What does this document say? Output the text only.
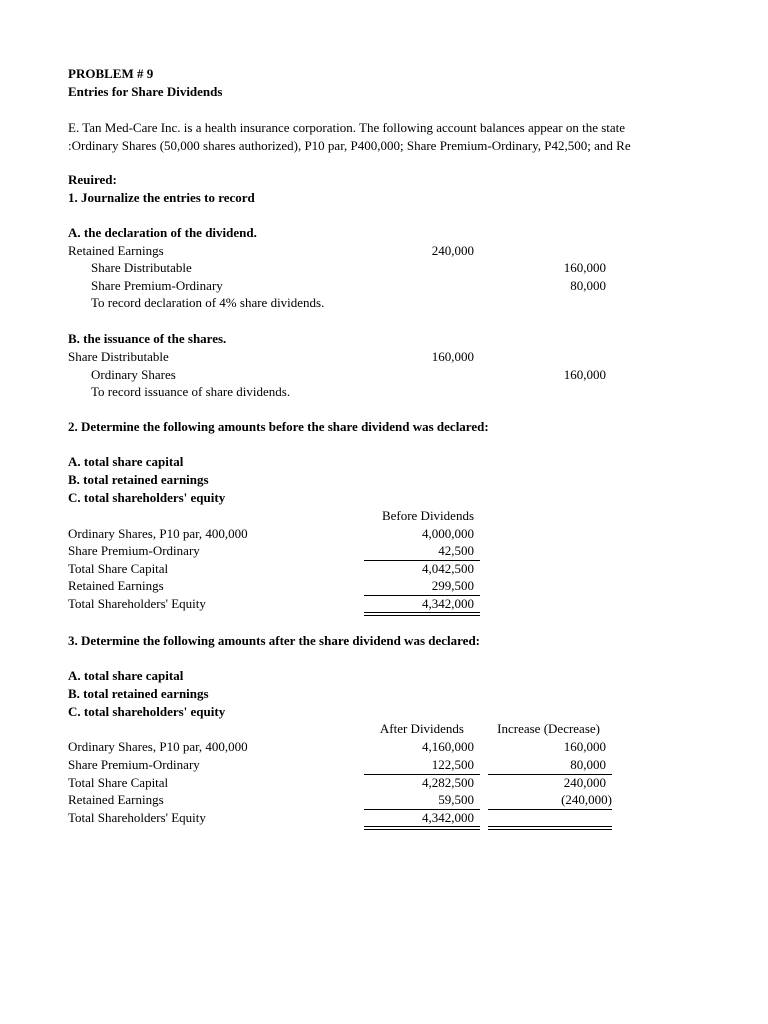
PROBLEM # 9
Entries for Share Dividends
E. Tan Med-Care Inc. is a health insurance corporation. The following account balances appear on the state
:Ordinary Shares (50,000 shares authorized), P10 par, P400,000; Share Premium-Ordinary, P42,500; and Re
Reuired:
1. Journalize the entries to record
A. the declaration of the dividend.
Retained Earnings	240,000
Share Distributable	160,000
Share Premium-Ordinary	80,000
To record declaration of 4% share dividends.
B. the issuance of the shares.
Share Distributable	160,000
Ordinary Shares	160,000
To record issuance of share dividends.
2. Determine the following amounts before the share dividend was declared:
A. total share capital
B. total retained earnings
C. total shareholders' equity
Before Dividends
Ordinary Shares, P10 par, 400,000	4,000,000
Share Premium-Ordinary	42,500
Total Share Capital	4,042,500
Retained Earnings	299,500
Total Shareholders' Equity	4,342,000
3. Determine the following amounts after the share dividend was declared:
A. total share capital
B. total retained earnings
C. total shareholders' equity
After Dividends	Increase (Decrease)
Ordinary Shares, P10 par, 400,000	4,160,000	160,000
Share Premium-Ordinary	122,500	80,000
Total Share Capital	4,282,500	240,000
Retained Earnings	59,500	(240,000)
Total Shareholders' Equity	4,342,000
